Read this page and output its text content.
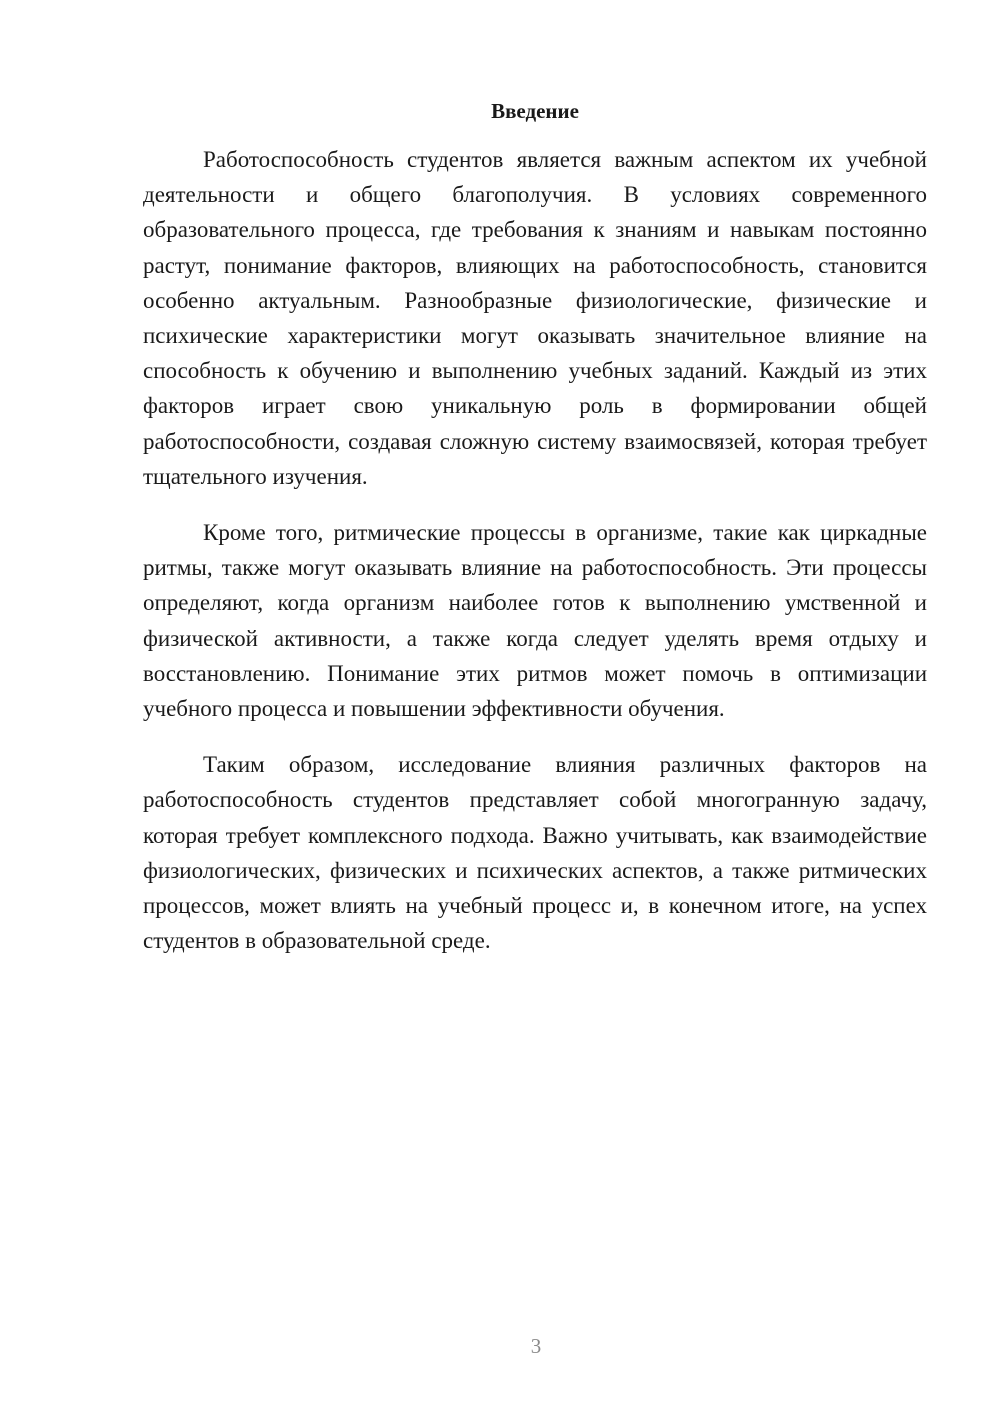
Введение

Работоспособность студентов является важным аспектом их учебной деятельности и общего благополучия. В условиях современного образовательного процесса, где требования к знаниям и навыкам постоянно растут, понимание факторов, влияющих на работоспособность, становится особенно актуальным. Разнообразные физиологические, физические и психические характеристики могут оказывать значительное влияние на способность к обучению и выполнению учебных заданий. Каждый из этих факторов играет свою уникальную роль в формировании общей работоспособности, создавая сложную систему взаимосвязей, которая требует тщательного изучения.

Кроме того, ритмические процессы в организме, такие как циркадные ритмы, также могут оказывать влияние на работоспособность. Эти процессы определяют, когда организм наиболее готов к выполнению умственной и физической активности, а также когда следует уделять время отдыху и восстановлению. Понимание этих ритмов может помочь в оптимизации учебного процесса и повышении эффективности обучения.

Таким образом, исследование влияния различных факторов на работоспособность студентов представляет собой многогранную задачу, которая требует комплексного подхода. Важно учитывать, как взаимодействие физиологических, физических и психических аспектов, а также ритмических процессов, может влиять на учебный процесс и, в конечном итоге, на успех студентов в образовательной среде.

3
